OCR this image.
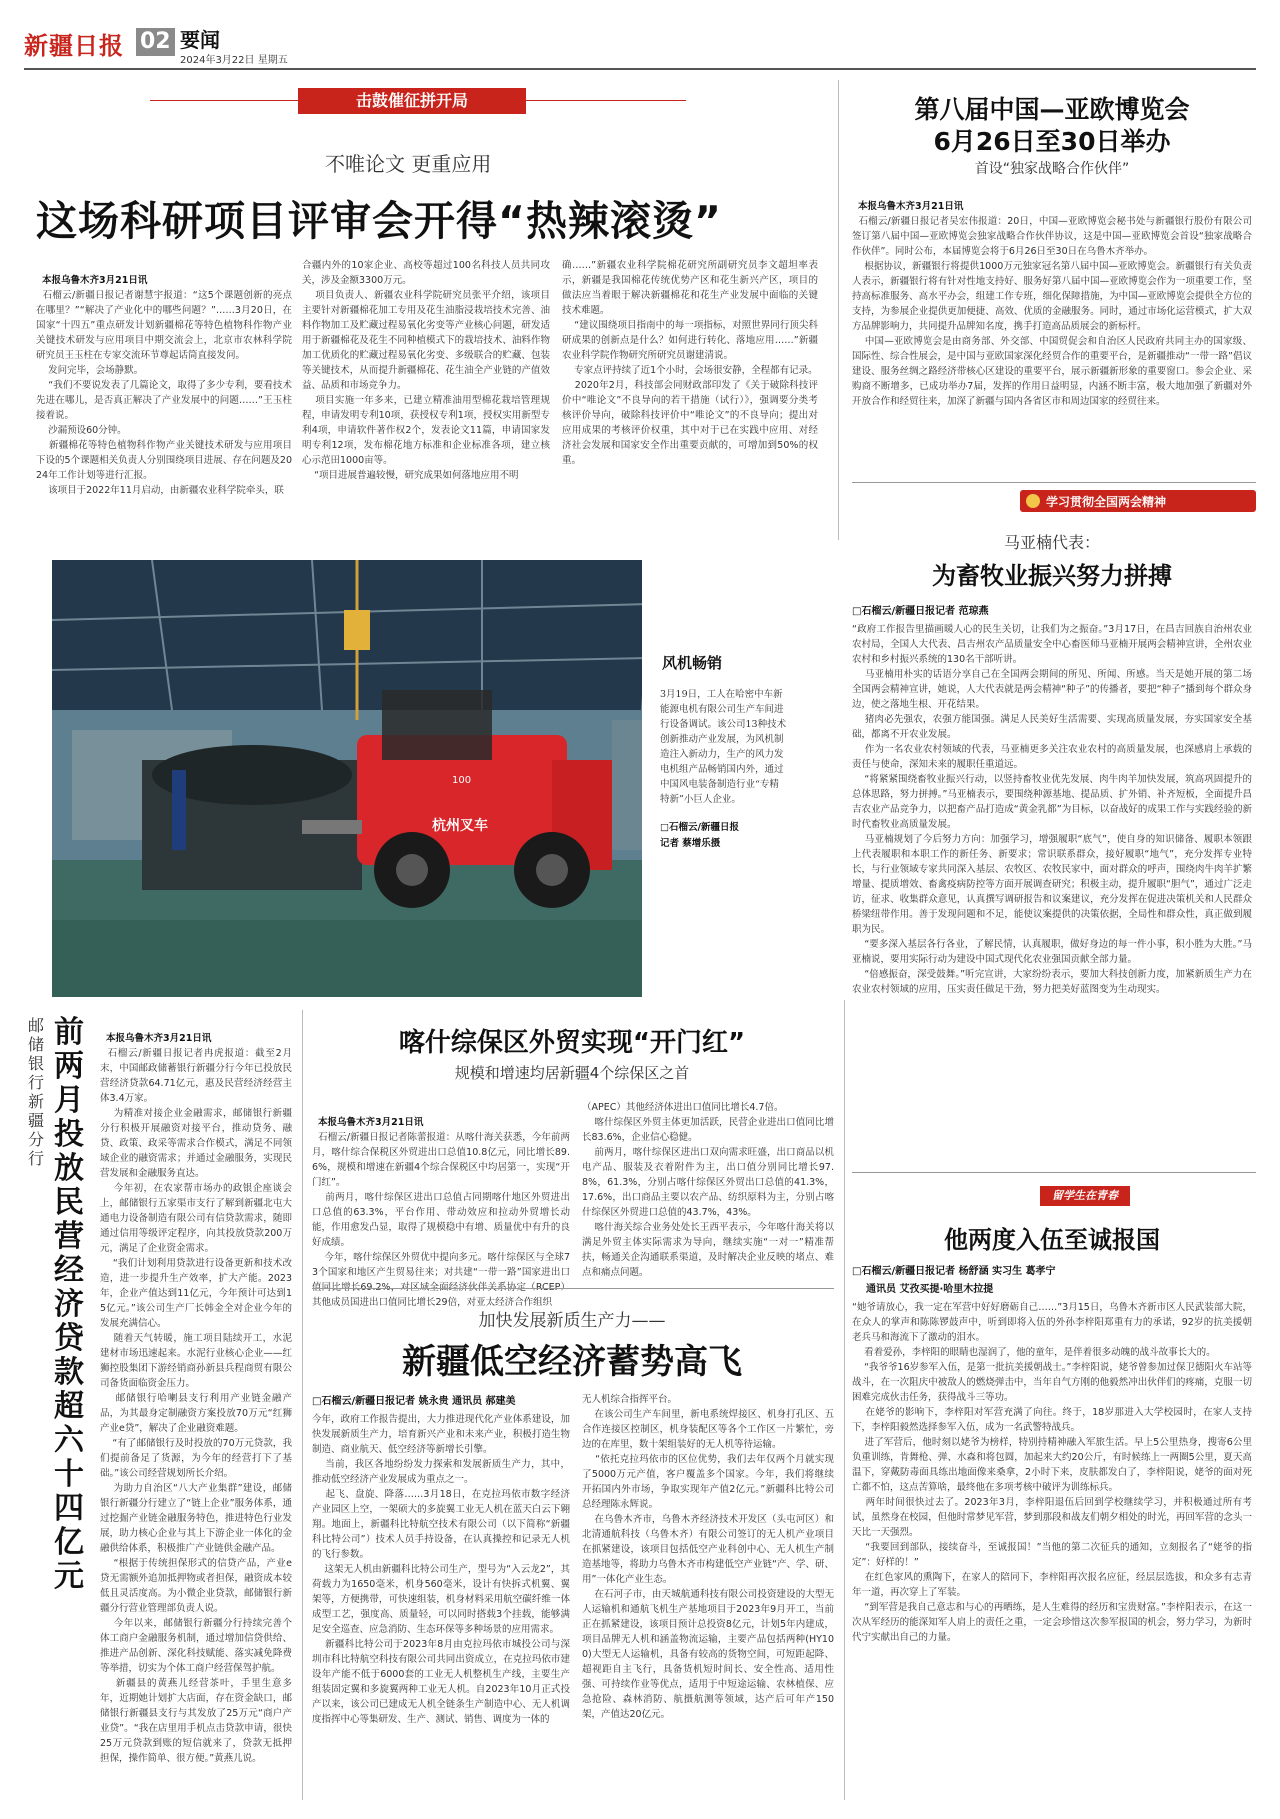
新疆日报 02 要闻
2024年3月22日 星期五
击鼓催征拼开局
不唯论文 更重应用
这场科研项目评审会开得“热辣滚烫”

本报乌鲁木齐3月21日讯
石榴云/新疆日报记者谢慧宇报道：“这5个课题创新的亮点在哪里？”“解决了产业化中的哪些问题？”……3月20日，在国家“十四五”重点研发计划新疆棉花等特色植物科作物产业关键技术研发与应用项目中期交流会上，北京市农林科学院研究员王玉柱在专家交流环节尊起话筒直接发问。
发问完毕，会场静默。
“我们不要说发表了几篇论文，取得了多少专利，要看技术先进在哪儿，是否真正解决了产业发展中的问题……”王玉柱接着说。
沙漏预设60分钟。
新疆棉花等特色植物科作物产业关键技术研发与应用项目下设的5个课题相关负责人分别围绕项目进展、存在问题及2024年工作计划等进行汇报。
该项目于2022年11月启动，由新疆农业科学院牵头，联

合疆内外的10家企业、高校等超过100名科技人员共同攻关，涉及金额3300万元。
项目负责人、新疆农业科学院研究员张平介绍，该项目主要针对新疆棉花加工专用及花生油脂浸栽培技术完善、油料作物加工及贮藏过程易氧化劣变等产业核心问题，研发适用于新疆棉花及花生不同种植模式下的栽培技术、油料作物加工优质化的贮藏过程易氧化劣变、多级联合的贮藏、包装等关键技术，从而提升新疆棉花、花生油全产业链的产值效益、品质和市场竞争力。
项目实施一年多来，已建立精准油用型棉花栽培管理规程，申请发明专利10项，获授权专利1项，授权实用新型专利4项，申请软件著作权2个，发表论文11篇，申请国家发明专利12项，发布棉花地方标准和企业标准各项，建立核心示范田1000亩等。
“项目进展普遍较慢，研究成果如何落地应用不明
确……”新疆农业科学院棉花研究所副研究员李文超坦率表示，新疆是我国棉花传统优势产区和花生新兴产区，项目的做法应当着眼于解决新疆棉花和花生产业发展中面临的关键技术难题。
“建议围绕项目指南中的每一项指标，对照世界同行顶尖科研成果的创新点是什么？如何进行转化、落地应用……”新疆农业科学院作物研究所研究员谢建清说。
专家点评持续了近1个小时，会场很安静，全程都有记录。
2020年2月，科技部会同财政部印发了《关于破除科技评价中“唯论文”不良导向的若干措施（试行）》，强调要分类考核评价导向，破除科技评价中“唯论文”的不良导向；提出对应用成果的考核评价权重，其中对于已在实践中应用、对经济社会发展和国家安全作出重要贡献的，可增加到50%的权重。
第八届中国—亚欧博览会
6月26日至30日举办
首设“独家战略合作伙伴”

本报乌鲁木齐3月21日讯
石榴云/新疆日报记者吴宏伟报道：20日，中国—亚欧博览会秘书处与新疆银行股份有限公司签订第八届中国—亚欧博览会独家战略合作伙伴协议，这是中国—亚欧博览会首设“独家战略合作伙伴”。同时公布，本届博览会将于6月26日至30日在乌鲁木齐举办。
根据协议，新疆银行将提供1000万元独家冠名第八届中国—亚欧博览会。新疆银行有关负责人表示，新疆银行将有针对性地支持好、服务好第八届中国—亚欧博览会作为一项重要工作，坚持高标准服务、高水平办会，组建工作专班，细化保障措施，为中国—亚欧博览会提供全方位的支持，为参展企业提供更加便捷、高效、优质的金融服务。同时，通过市场化运营模式，扩大双方品牌影响力，共同提升品牌知名度，携手打造高品质展会的新标杆。
中国—亚欧博览会是由商务部、外交部、中国贸促会和自治区人民政府共同主办的国家级、国际性、综合性展会，是中国与亚欧国家深化经贸合作的重要平台，是新疆推动“一带一路”倡议建设、服务丝绸之路经济带核心区建设的重要平台，展示新疆新形象的重要窗口。参会企业、采购商不断增多，已成功举办7届，发挥的作用日益明显，内涵不断丰富，极大地加强了新疆对外开放合作和经贸往来，加深了新疆与国内各省区市和周边国家的经贸往来。

学习贯彻全国两会精神
马亚楠代表：
为畜牧业振兴努力拼搏
□石榴云/新疆日报记者 范琼燕
“政府工作报告里描画暖人心的民生关切，让我们为之振奋。”3月17日，在昌吉回族自治州农业农村局，全国人大代表、昌吉州农产品质量安全中心畜医师马亚楠开展两会精神宣讲，全州农业农村和乡村振兴系统的130名干部听讲。
马亚楠用朴实的话语分享自己在全国两会期间的所见、所闻、所感。当天是她开展的第二场全国两会精神宣讲，她说，人大代表就是两会精神“种子”的传播者，要把“种子”播到每个群众身边，使之落地生根、开花结果。
猪肉必先强农，农强方能国强。满足人民美好生活需要、实现高质量发展，夯实国家安全基础，都离不开农业发展。
作为一名农业农村领域的代表，马亚楠更多关注农业农村的高质量发展，也深感肩上承载的责任与使命，深知未来的履职任重道远。
“将紧紧围绕畜牧业振兴行动，以竖持畜牧业优先发展、肉牛肉羊加快发展，筑高巩固提升的总体思路，努力拼搏。”马亚楠表示，要围绕种源基地、提品质、扩外销、补齐短板，全面提升昌吉农业产品竞争力，以把畜产品打造成“黄金乳都”为目标，以奋战好的成果工作与实践经验的新时代畜牧业高质量发展。
马亚楠规划了今后努力方向：加强学习，增强履职“底气”，使自身的知识储备、履职本领跟上代表履职和本职工作的新任务、新要求；常识联系群众，接好履职“地气”，充分发挥专业特长，与行业领域专家共同深入基层、农牧区、农牧民家中，面对群众的呼声，围绕肉牛肉羊扩繁增量、提质增效、畜禽疫病防控等方面开展调查研究；积极主动，提升履职“胆气”，通过广泛走访，征求、收集群众意见，认真撰写调研报告和议案建议，充分发挥在促进决策机关和人民群众桥梁纽带作用。善于发现问题和不足，能使议案提供的决策依据，全局性和群众性，真正做到履职为民。
“要多深入基层各行各业，了解民情，认真履职，做好身边的每一件小事，积小胜为大胜。”马亚楠说，要用实际行动为建设中国式现代化农业强国贡献全部力量。
“倍感振奋，深受鼓舞。”听完宣讲，大家纷纷表示，要加大科技创新力度，加紧新质生产力在农业农村领域的应用，压实责任做足干劲，努力把美好蓝图变为生动现实。
杭州叉车
100
风机畅销
3月19日，工人在哈密中车新能源电机有限公司生产车间进行设备调试。该公司13种技术创新推动产业发展，为风机制造注入新动力，生产的风力发电机组产品畅销国内外，通过中国风电装备制造行业“专精特新”小巨人企业。
□石榴云/新疆日报
记者 蔡增乐摄
邮储银行新疆分行
前两月投放民营经济贷款超六十四亿元

本报乌鲁木齐3月21日讯
石榴云/新疆日报记者冉虎报道：截至2月末，中国邮政储蓄银行新疆分行今年已投放民营经济贷款64.71亿元，惠及民营经济经营主体3.4万家。
为精准对接企业金融需求，邮储银行新疆分行积极开展融资对接平台，推动贷务、融贷、政策、政采等需求合作模式，满足不同领域企业的融资需求；并通过金融服务，实现民营发展和金融服务直达。
今年初，在农家帮市场办的政银企座谈会上，邮储银行五家渠市支行了解到新疆北屯大通电力设备制造有限公司有信贷款需求，随即通过信用等级评定程序，向其投放贷款200万元，满足了企业资金需求。
“我们计划利用贷款进行设备更新和技术改造，进一步提升生产效率，扩大产能。2023年，企业产值达到11亿元，今年预计可达到15亿元。”该公司生产厂长韩金全对企业今年的发展充满信心。
随着天气转暖，施工项目陆续开工，水泥建材市场迅速起来。水泥行业核心企业——红狮控股集团下游经销商孙新县兵程商贸有限公司备货面临资金压力。
邮储银行哈喇县支行利用产业链金融产品，为其最身定制融资方案投放70万元“红狮产业e贷”，解决了企业融资难题。
“有了邮储银行及时投放的70万元贷款，我们提前备足了货源，为今年的经营打下了基础。”该公司经营规划所长介绍。
为助力自治区“八大产业集群”建设，邮储银行新疆分行建立了“链上企业”服务体系，通过挖掘产业链金融服务特色，推进特色行业发展，助力核心企业与其上下游企业一体化的金融供给体系，积极推广产业链供金融产品。
“根据于传统担保形式的信贷产品，产业e贷无需额外追加抵押物或者担保，融资成本较低且灵活度高。为小微企业贷款，邮储银行新疆分行营业管理部负责人说。
今年以来，邮储银行新疆分行持续完善个体工商户金融服务机制，通过增加信贷供给、推进产品创新、深化科技赋能、落实减免降费等举措，切实为个体工商户经营保驾护航。
新疆县的黄燕儿经营茶叶，手里生意多年，近期她计划扩大店面，存在资金缺口，邮储银行新疆县支行与其发放了25万元“商户产业贷”。“我在店里用手机点击贷款申请，很快25万元贷款到账的短信就来了，贷款无抵押担保，操作简单、很方便。”黄燕儿说。

喀什综保区外贸实现“开门红”
规模和增速均居新疆4个综保区之首

本报乌鲁木齐3月21日讯
石榴云/新疆日报记者陈蕾报道：从喀什海关获悉，今年前两月，喀什综合保税区外贸进出口总值10.8亿元，同比增长89.6%，规模和增速在新疆4个综合保税区中均居第一，实现“开门红”。
前两月，喀什综保区进出口总值占同期喀什地区外贸进出口总值的63.3%，平台作用、带动效应和拉动外贸增长动能，作用愈发凸显，取得了规模稳中有增、质量优中有升的良好成绩。
今年，喀什综保区外贸优中提向多元。喀什综保区与全球73个国家和地区产生贸易往来；对共建“一带一路”国家进出口 其他成员国进出口值同比增长29倍，对亚太经济合作组织

（APEC）其他经济体进出口值同比增长4.7倍。
喀什综保区外贸主体更加活跃，民营企业进出口值同比增长83.6%，企业信心稳健。
前两月，喀什综保区进出口双向需求旺盛，出口商品以机电产品、服装及衣着附件为主，出口值分别同比增长97.8%，61.3%，分别占喀什综保区外贸出口总值的41.3%，17.6%，出口商品主要以农产品、纺织原料为主，分别占喀什综保区外贸进口总值的43.7%，43%。
喀什海关综合业务处处长王西平表示，今年喀什海关将以满足外贸主体实际需求为导向，继续实施“一对一”精准帮扶，畅通关企沟通联系渠道，及时解决企业反映的堵点、难点和痛点问题。
加快发展新质生产力——
新疆低空经济蓄势高飞
□石榴云/新疆日报记者 姚永贵 通讯员 郝建美
今年，政府工作报告提出，大力推进现代化产业体系建设，加快发展新质生产力，培育新兴产业和未来产业，积极打造生物制造、商业航天、低空经济等新增长引擎。
当前，我区各地纷纷发力探索和发展新质生产力，其中，推动低空经济产业发展成为重点之一。
起飞、盘旋、降落……3月18日，在克拉玛依市数字经济产业园区上空，一架硕大的多旋翼工业无人机在蓝天白云下翱翔。地面上，新疆科比特航空技术有限公司（以下简称“新疆科比特公司”）技术人员手持设备，在认真操控和记录无人机的飞行参数。
这架无人机由新疆科比特公司生产，型号为“入云龙2”，其荷载力为1650毫米，机身560毫米，设计有快拆式机翼、翼架等，方便携带，可快速组装，机身材料采用航空碳纤维一体成型工艺，强度高、质量轻，可以同时搭载3个挂载，能够满足安全巡查、应急消防、生态环保等多种场景的应用需求。
新疆科比特公司于2023年8月由克拉玛依市城投公司与深圳市科比特航空科技有限公司共同出资成立，在克拉玛依市建设年产能不低于6000套的工业无人机整机生产线，主要生产组装固定翼和多旋翼两种工业无人机。自2023年10月正式投产以来，该公司已建成无人机全链条生产制造中心、无人机调度指挥中心等集研发、生产、测试、销售、调度为一体的
无人机综合指挥平台。
在该公司生产车间里，新电系统焊接区、机身打孔区、五合作连接区控制区，机身装配区等各个工作区一片繁忙，旁边的在库里，数十架组装好的无人机等待运输。
“依托克拉玛依市的区位优势，我们去年仅两个月就实现了5000万元产值，客户覆盖多个国家。今年，我们将继续开拓国内外市场，争取实现年产值2亿元。”新疆科比特公司总经理陈永辉说。
在乌鲁木齐市，乌鲁木齐经济技术开发区（头屯河区）和北清通航科技（乌鲁木齐）有限公司签订的无人机产业项目在抓紧建设，该项目包括低空产业科创中心、无人机生产制造基地等，将助力乌鲁木齐市构建低空产业链“产、学、研、用”一体化产业生态。
在石河子市，由天城航通科技有限公司投资建设的大型无人运输机和通航飞机生产基地项目于2023年9月开工，当前正在抓紧建设，该项目预计总投资8亿元，计划5年内建成，项目品牌无人机和涵盖物流运输，主要产品包括两种(HY100)大型无人运输机，具备有较高的货物空间，可短距起降、超视距自主飞行，具备货机短时间长、安全性高、适用性强、可持续作业等优点，适用于中短途运输、农林植保、应急抢险、森林消防、航摄航测等领域，达产后可年产150架，产值达20亿元。
留学生在青春
他两度入伍至诚报国
□石榴云/新疆日报记者 杨舒涵 实习生 葛孝宁
通讯员 艾孜买提·哈里木拉提
“她爷请放心，我一定在军营中好好磨砺自己……”3月15日，乌鲁木齐新市区人民武装部大院，在众人的掌声和陈陈锣鼓声中，听到即将入伍的外孙李梓阳郑重有力的承诺，92岁的抗美援朝老兵马和海流下了激动的泪水。
看着爱孙，李梓阳的眼睛也湿润了，他的童年，是伴着很多动魄的战斗故事长大的。
“我爷爷16岁参军入伍，是第一批抗美援朝战士。”李梓阳说，姥爷曾参加过保卫德阳火车站等战斗，在一次阻庆中被敌人的燃烧弹击中，当年自气方刚的他毅然冲出伙伴们的疼痛，克服一切困难完成伙击任务，获得战斗三等功。
在姥爷的影响下，李梓阳对军营充满了向往。终于，18岁那进入大学校园时，在家人支持下，李梓阳毅然选择参军入伍，成为一名武警特战兵。
进了军营后，他时刻以姥爷为榜样，特别持精神融入军旅生活。早上5公里热身，搜寄6公里负重训练，肯舞枪、弹、水森和将包圆，加起来大约20公斤，有时候练上一两圈5公里，夏天高温下，穿戴防毒面具练出地面像来桑拿，2小时下来，皮肤都发白了，李梓阳说，姥爷的面对死亡都不怕，这点苦算啥，最终他在多项考核中破评为训练标兵。
两年时间很快过去了。2023年3月，李梓阳退伍后回到学校继续学习，并积极通过所有考试，虽然身在校园，但他时常梦见军营，梦到那段和战友们朝夕相处的时光，再回军营的念头一天比一天强烈。
“我要回到部队，接续奋斗，至诚报国！”当他的第二次征兵的通知，立刻报名了“姥爷的指定”：好样的！”
在红色家风的熏陶下，在家人的陪同下，李梓阳再次报名应征，经层层选拔，和众多有志青年一道，再次穿上了军装。
“到军营是我自己意志和与心的再晒练，是人生难得的经历和宝贵财富。”李梓阳表示，在这一次从军经历的能深知军人肩上的责任之重，一定会珍惜这次参军报国的机会，努力学习，为新时代宁实献出自己的力量。
